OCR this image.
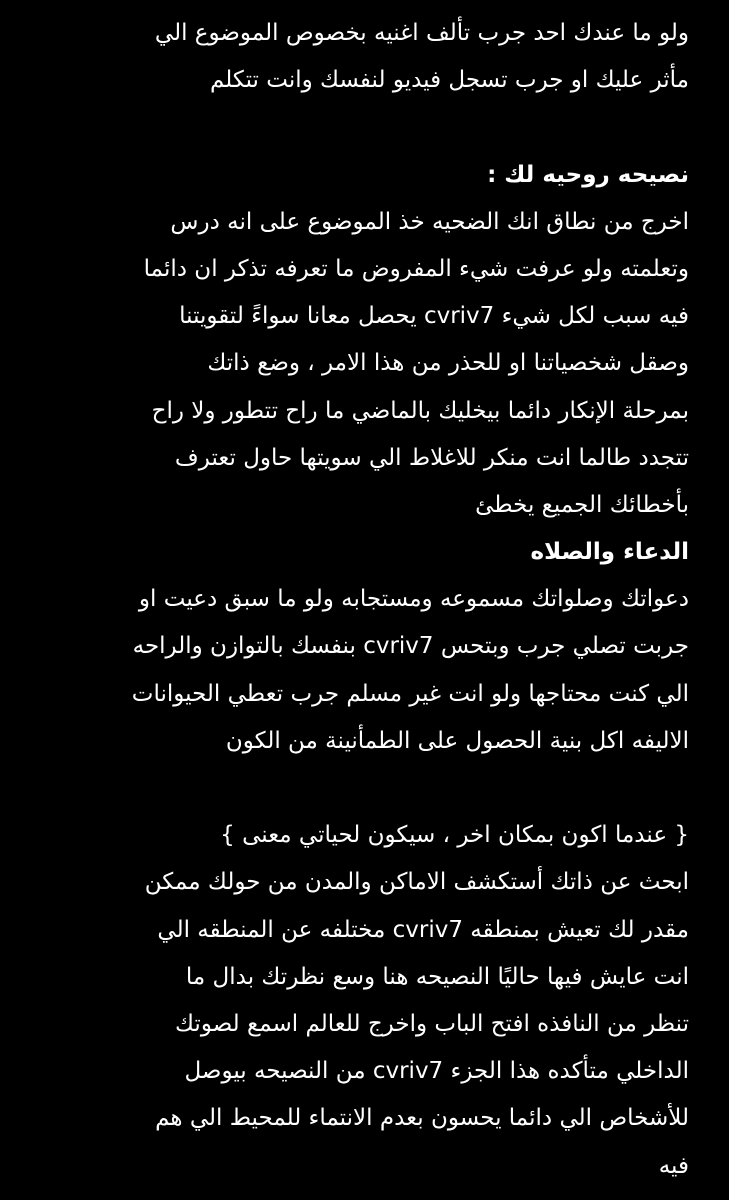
ولو ما عندك احد جرب تألف اغنيه بخصوص الموضوع الي
مأثر عليك او جرب تسجل فيديو لنفسك وانت تتكلم
نصيحه روحيه لك :
اخرج من نطاق انك الضحيه خذ الموضوع على انه درس
وتعلمته ولو عرفت شيء المفروض ما تعرفه تذكر ان دائما
فيه سبب لكل شيء cvriv7 يحصل معانا سواءً لتقويتنا
وصقل شخصياتنا او للحذر من هذا الامر ، وضع ذاتك
بمرحلة الإنكار دائما بيخليك بالماضي ما راح تتطور ولا راح
تتجدد طالما انت منكر للاغلاط الي سويتها حاول تعترف
بأخطائك الجميع يخطئ
الدعاء والصلاه
دعواتك وصلواتك مسموعه ومستجابه ولو ما سبق دعيت او
جربت تصلي جرب وبتحس cvriv7 بنفسك بالتوازن والراحه
الي كنت محتاجها ولو انت غير مسلم جرب تعطي الحيوانات
الاليفه اكل بنية الحصول على الطمأنينة من الكون
{ عندما اكون بمكان اخر ، سيكون لحياتي معنى }
ابحث عن ذاتك أستكشف الاماكن والمدن من حولك ممكن
مقدر لك تعيش بمنطقه cvriv7 مختلفه عن المنطقه الي
انت عايش فيها حاليًا النصيحه هنا وسع نظرتك بدال ما
تنظر من النافذه افتح الباب واخرج للعالم اسمع لصوتك
الداخلي متأكده هذا الجزء cvriv7 من النصيحه بيوصل
للأشخاص الي دائما يحسون بعدم الانتماء للمحيط الي هم
فيه
